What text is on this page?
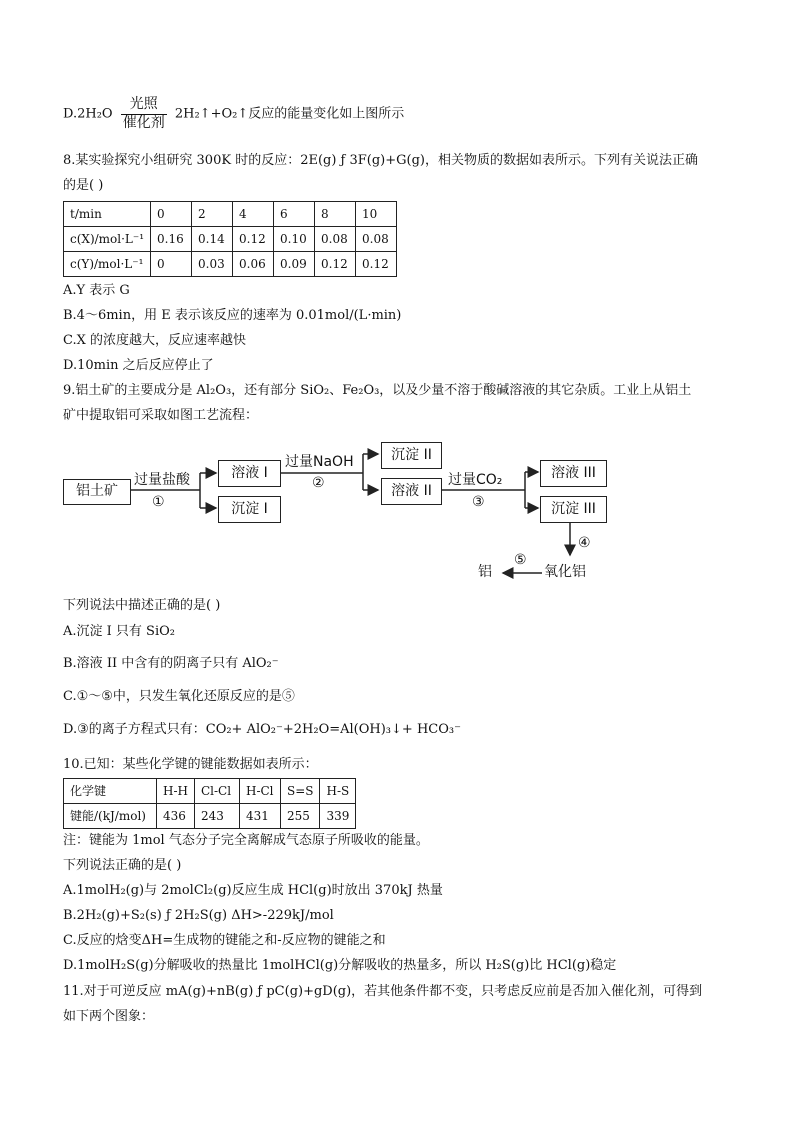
$D.2H_2O \frac{\text{光照}}{\text{催化剂}}$ 2H₂↑+O₂↑反应的能量变化如上图所示
8.某实验探究小组研究 300K 时的反应：2E(g) ƒ 3F(g)+G(g)，相关物质的数据如表所示。下列有关说法正确
的是( )
t/min	0	2	4	6	8	10
c(X)/mol·L⁻¹	0.16	0.14	0.12	0.10	0.08	0.08
c(Y)/mol·L⁻¹	0	0.03	0.06	0.09	0.12	0.12
A.Y 表示 G
B.4～6min，用 E 表示该反应的速率为 0.01mol/(L·min)
C.X 的浓度越大，反应速率越快
D.10min 之后反应停止了
9.铝土矿的主要成分是 Al₂O₃，还有部分 SiO₂、Fe₂O₃，以及少量不溶于酸碱溶液的其它杂质。工业上从铝土
矿中提取铝可采取如图工艺流程：
铝土矿
溶液 I
沉淀 I
沉淀 II
溶液 II
溶液 III
沉淀 III
过量盐酸
①
过量NaOH
②	过量CO₂
③
④
⑤
氧化铝
铝
下列说法中描述正确的是( )
A.沉淀 I 只有 SiO₂
B.溶液 II 中含有的阴离子只有 AlO₂⁻
C.①～⑤中，只发生氧化还原反应的是⑤
D.③的离子方程式只有：CO₂+ AlO₂⁻+2H₂O=Al(OH)₃↓+ HCO₃⁻
10.已知：某些化学键的键能数据如表所示：
化学键	H-H	Cl-Cl	H-Cl	S=S	H-S
键能/(kJ/mol)	436	243	431	255	339
注：键能为 1mol 气态分子完全离解成气态原子所吸收的能量。
下列说法正确的是( )
A.1molH₂(g)与 2molCl₂(g)反应生成 HCl(g)时放出 370kJ 热量
B.2H₂(g)+S₂(s) ƒ 2H₂S(g) ΔH>-229kJ/mol
C.反应的焓变ΔH=生成物的键能之和-反应物的键能之和
D.1molH₂S(g)分解吸收的热量比 1molHCl(g)分解吸收的热量多，所以 H₂S(g)比 HCl(g)稳定
11.对于可逆反应 mA(g)+nB(g) ƒ pC(g)+gD(g)，若其他条件都不变，只考虑反应前是否加入催化剂，可得到
如下两个图象：
